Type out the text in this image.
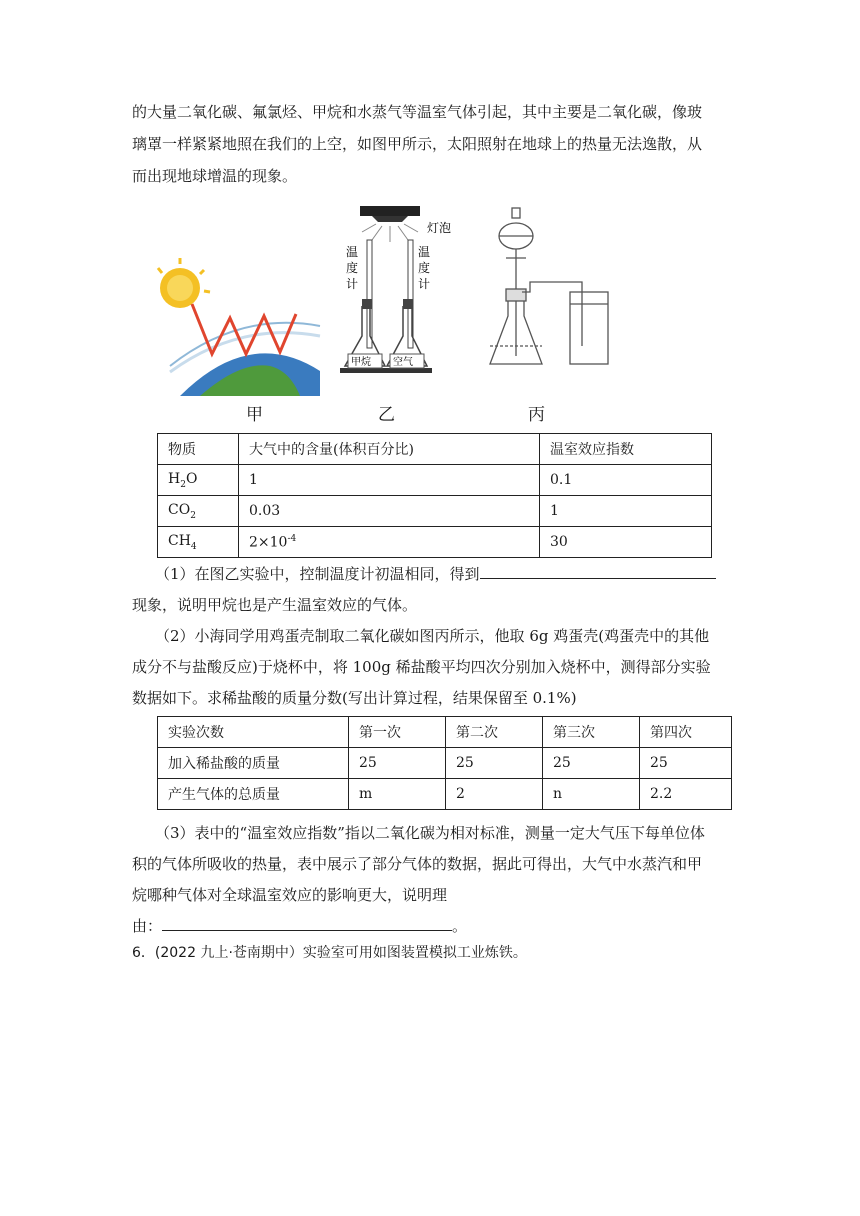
的大量二氧化碳、氟氯烃、甲烷和水蒸气等温室气体引起，其中主要是二氧化碳，像玻
璃罩一样紧紧地照在我们的上空，如图甲所示，太阳照射在地球上的热量无法逸散，从
而出现地球增温的现象。
灯泡
温度计 温度计
甲烷 空气
甲	乙	丙
物质	大气中的含量(体积百分比)	温室效应指数
$H_2O$	1	0.1
$CO_2$	0.03	1
$CH_4$	$2\times 10^{-4}$	30
（1）在图乙实验中，控制温度计初温相同，得到
现象，说明甲烷也是产生温室效应的气体。
（2）小海同学用鸡蛋壳制取二氧化碳如图丙所示，他取 6g 鸡蛋壳(鸡蛋壳中的其他
成分不与盐酸反应)于烧杯中，将 100g 稀盐酸平均四次分别加入烧杯中，测得部分实验
数据如下。求稀盐酸的质量分数(写出计算过程，结果保留至 0.1%)
实验次数	第一次	第二次	第三次	第四次
加入稀盐酸的质量	25	25	25	25
产生气体的总质量	m	2	n	2.2
（3）表中的“温室效应指数”指以二氧化碳为相对标准，测量一定大气压下每单位体
积的气体所吸收的热量，表中展示了部分气体的数据，据此可得出，大气中水蒸汽和甲
烷哪种气体对全球温室效应的影响更大，说明理
由：	。
6．(2022 九上·苍南期中）实验室可用如图装置模拟工业炼铁。
